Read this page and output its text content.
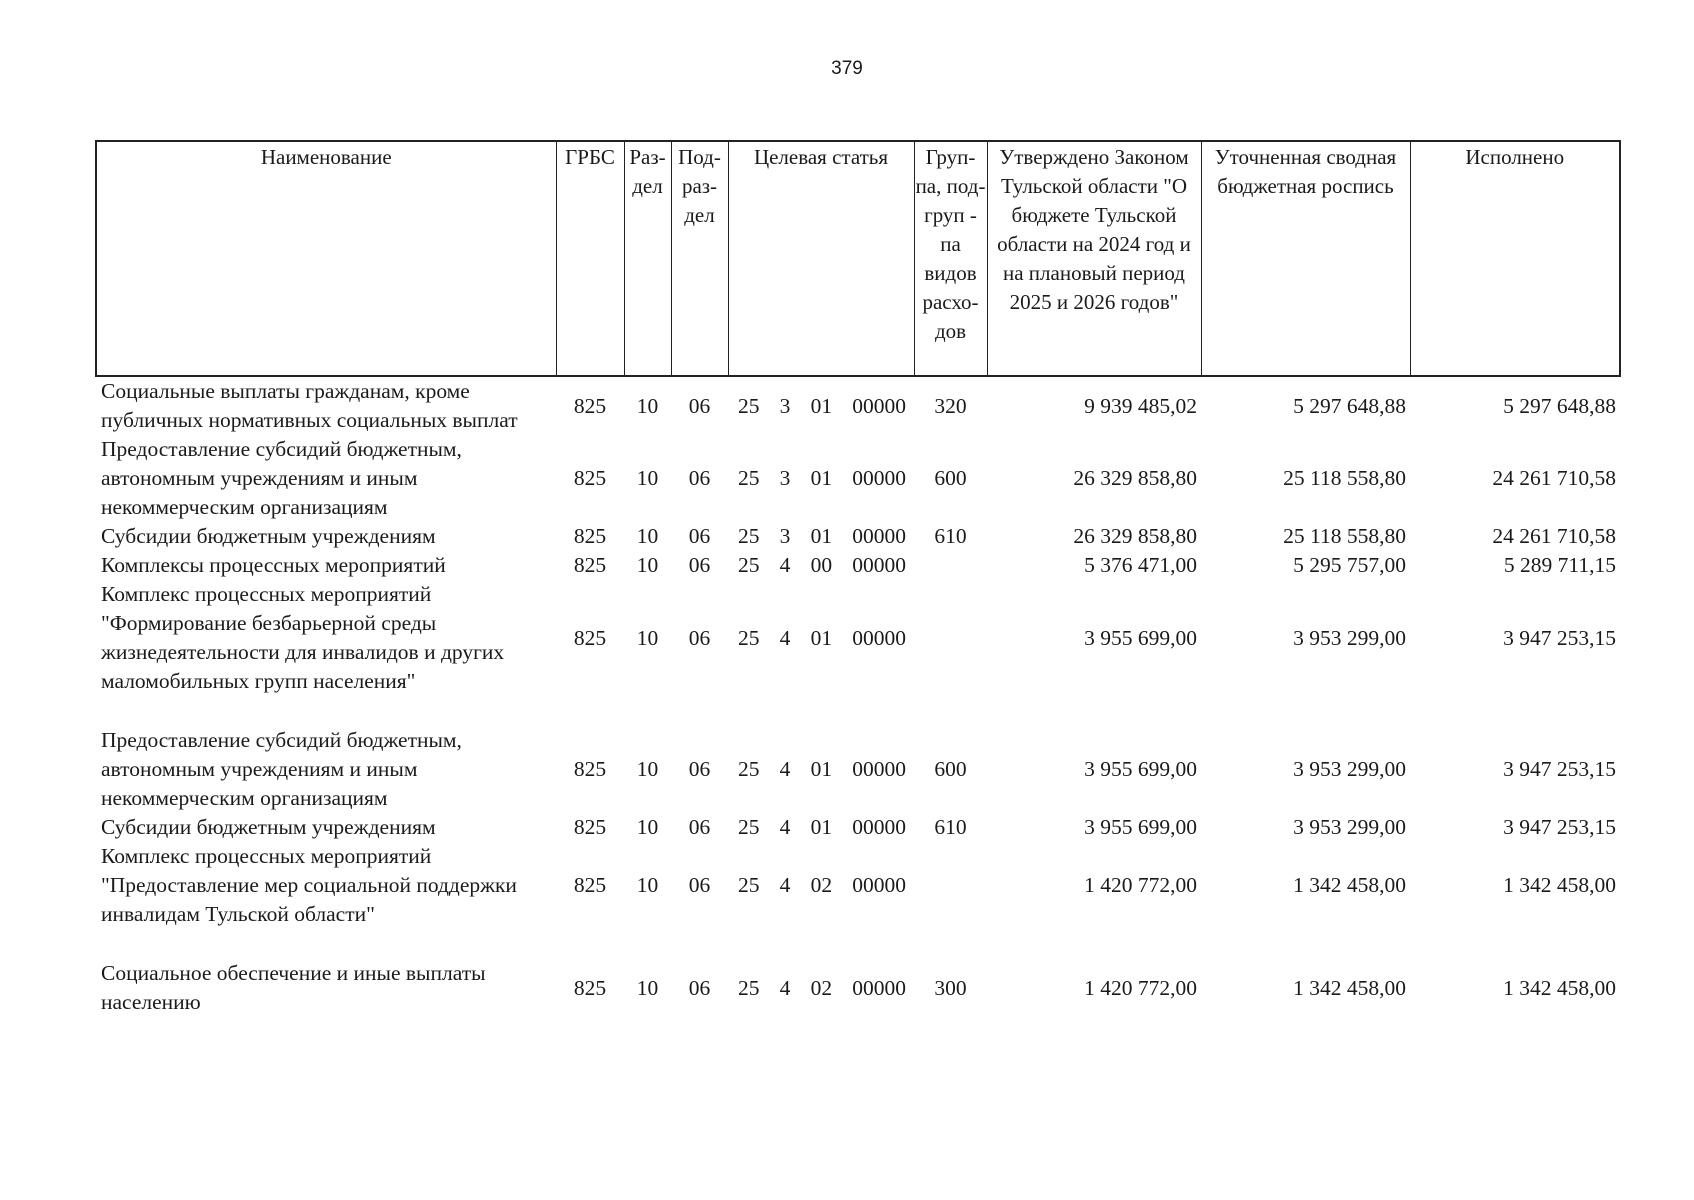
379
Наименование	ГРБС	Раз- дел	Под- раз- дел	Целевая статья	Груп- па, под- груп - па видов расхо- дов	Утверждено Законом Тульской области "О бюджете Тульской области на 2024 год и на плановый период 2025 и 2026 годов"	Уточненная сводная бюджетная роспись	Исполнено
Социальные выплаты гражданам, кроме публичных нормативных социальных выплат	825	10	06	25 3 01 00000	320	9 939 485,02	5 297 648,88	5 297 648,88
Предоставление субсидий бюджетным, автономным учреждениям и иным некоммерческим организациям	825	10	06	25 3 01 00000	600	26 329 858,80	25 118 558,80	24 261 710,58
Субсидии бюджетным учреждениям	825	10	06	25 3 01 00000	610	26 329 858,80	25 118 558,80	24 261 710,58
Комплексы процессных мероприятий	825	10	06	25 4 00 00000		5 376 471,00	5 295 757,00	5 289 711,15
Комплекс процессных мероприятий "Формирование безбарьерной среды жизнедеятельности для инвалидов и других маломобильных групп населения"	825	10	06	25 4 01 00000		3 955 699,00	3 953 299,00	3 947 253,15
Предоставление субсидий бюджетным, автономным учреждениям и иным некоммерческим организациям	825	10	06	25 4 01 00000	600	3 955 699,00	3 953 299,00	3 947 253,15
Субсидии бюджетным учреждениям	825	10	06	25 4 01 00000	610	3 955 699,00	3 953 299,00	3 947 253,15
Комплекс процессных мероприятий "Предоставление мер социальной поддержки инвалидам Тульской области"	825	10	06	25 4 02 00000		1 420 772,00	1 342 458,00	1 342 458,00
Социальное обеспечение и иные выплаты населению	825	10	06	25 4 02 00000	300	1 420 772,00	1 342 458,00	1 342 458,00
